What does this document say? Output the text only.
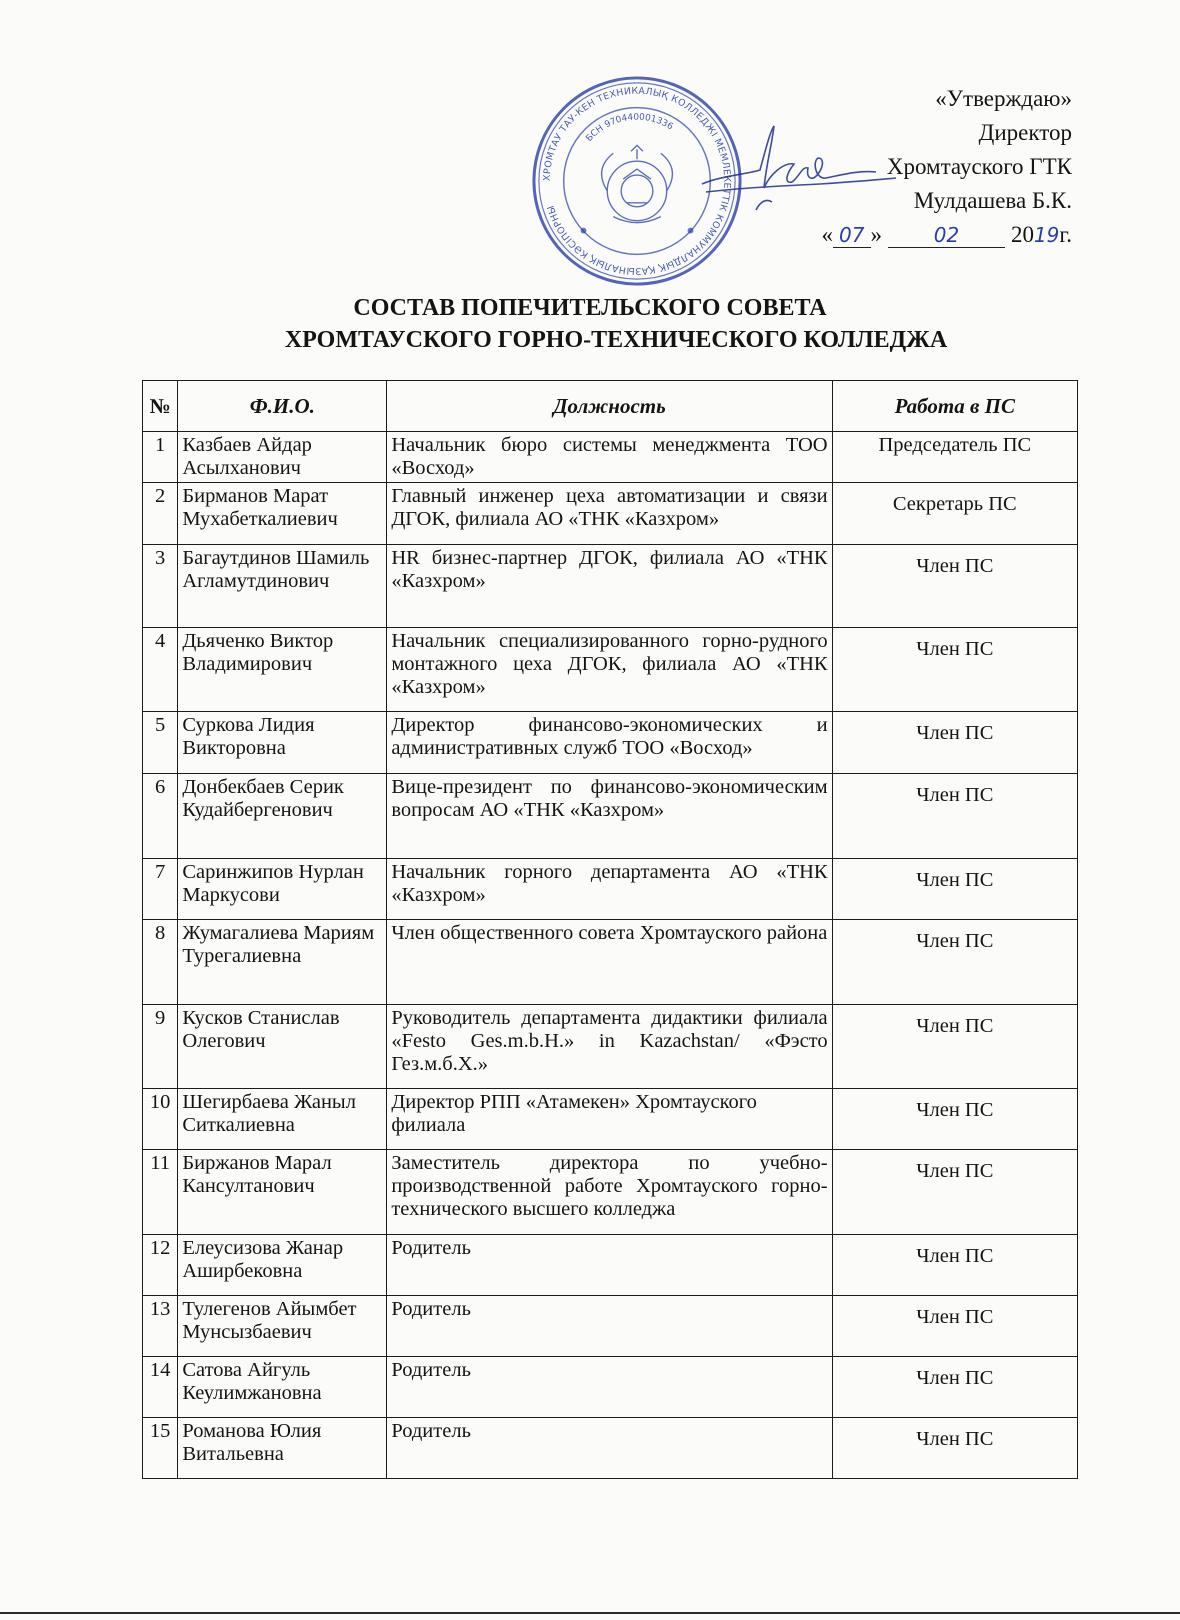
ХРОМТАУ ТАУ-КЕН ТЕХНИКАЛЫҚ КОЛЛЕДЖІ МЕМЛЕКЕТТІК КОММУНАЛДЫҚ ҚАЗЫНАЛЫҚ КӘСІПОРНЫ
БСН 970440001336
«Утверждаю»
Директор
Хромтауского ГТК
Мулдашева Б.К.
« 07 »	02 2019г.
СОСТАВ ПОПЕЧИТЕЛЬСКОГО СОВЕТА
ХРОМТАУСКОГО ГОРНО-ТЕХНИЧЕСКОГО КОЛЛЕДЖА
№	Ф.И.О.	Должность	Работа в ПС
1	Казбаев Айдар Асылханович	Начальник бюро системы менеджмента ТОО «Восход»	Председатель ПС
2	Бирманов Марат Мухабеткалиевич	Главный инженер цеха автоматизации и связи ДГОК, филиала АО «ТНК «Казхром»	Секретарь ПС
3	Багаутдинов Шамиль Агламутдинович	HR бизнес-партнер ДГОК, филиала АО «ТНК «Казхром»	Член ПС
4	Дьяченко Виктор Владимирович	Начальник специализированного горно-рудного монтажного цеха ДГОК, филиала АО «ТНК «Казхром»	Член ПС
5	Суркова Лидия Викторовна	Директор финансово-экономических и административных служб ТОО «Восход»	Член ПС
6	Донбекбаев Серик Кудайбергенович	Вице-президент по финансово-экономическим вопросам АО «ТНК «Казхром»	Член ПС
7	Саринжипов Нурлан Маркусови	Начальник горного департамента АО «ТНК «Казхром»	Член ПС
8	Жумагалиева Мариям Турегалиевна	Член общественного совета Хромтауского района	Член ПС
9	Кусков Станислав Олегович	Руководитель департамента дидактики филиала «Festo Ges.m.b.H.» in Kazachstan/ «Фэсто Гез.м.б.Х.»	Член ПС
10	Шегирбаева Жаныл Ситкалиевна	Директор РПП «Атамекен» Хромтауского филиала	Член ПС
11	Биржанов Марал Кансултанович	Заместитель директора по учебно-производственной работе Хромтауского горно-технического высшего колледжа	Член ПС
12	Елеусизова Жанар Аширбековна	Родитель	Член ПС
13	Тулегенов Айымбет Мунсызбаевич	Родитель	Член ПС
14	Сатова Айгуль Кеулимжановна	Родитель	Член ПС
15	Романова Юлия Витальевна	Родитель	Член ПС
